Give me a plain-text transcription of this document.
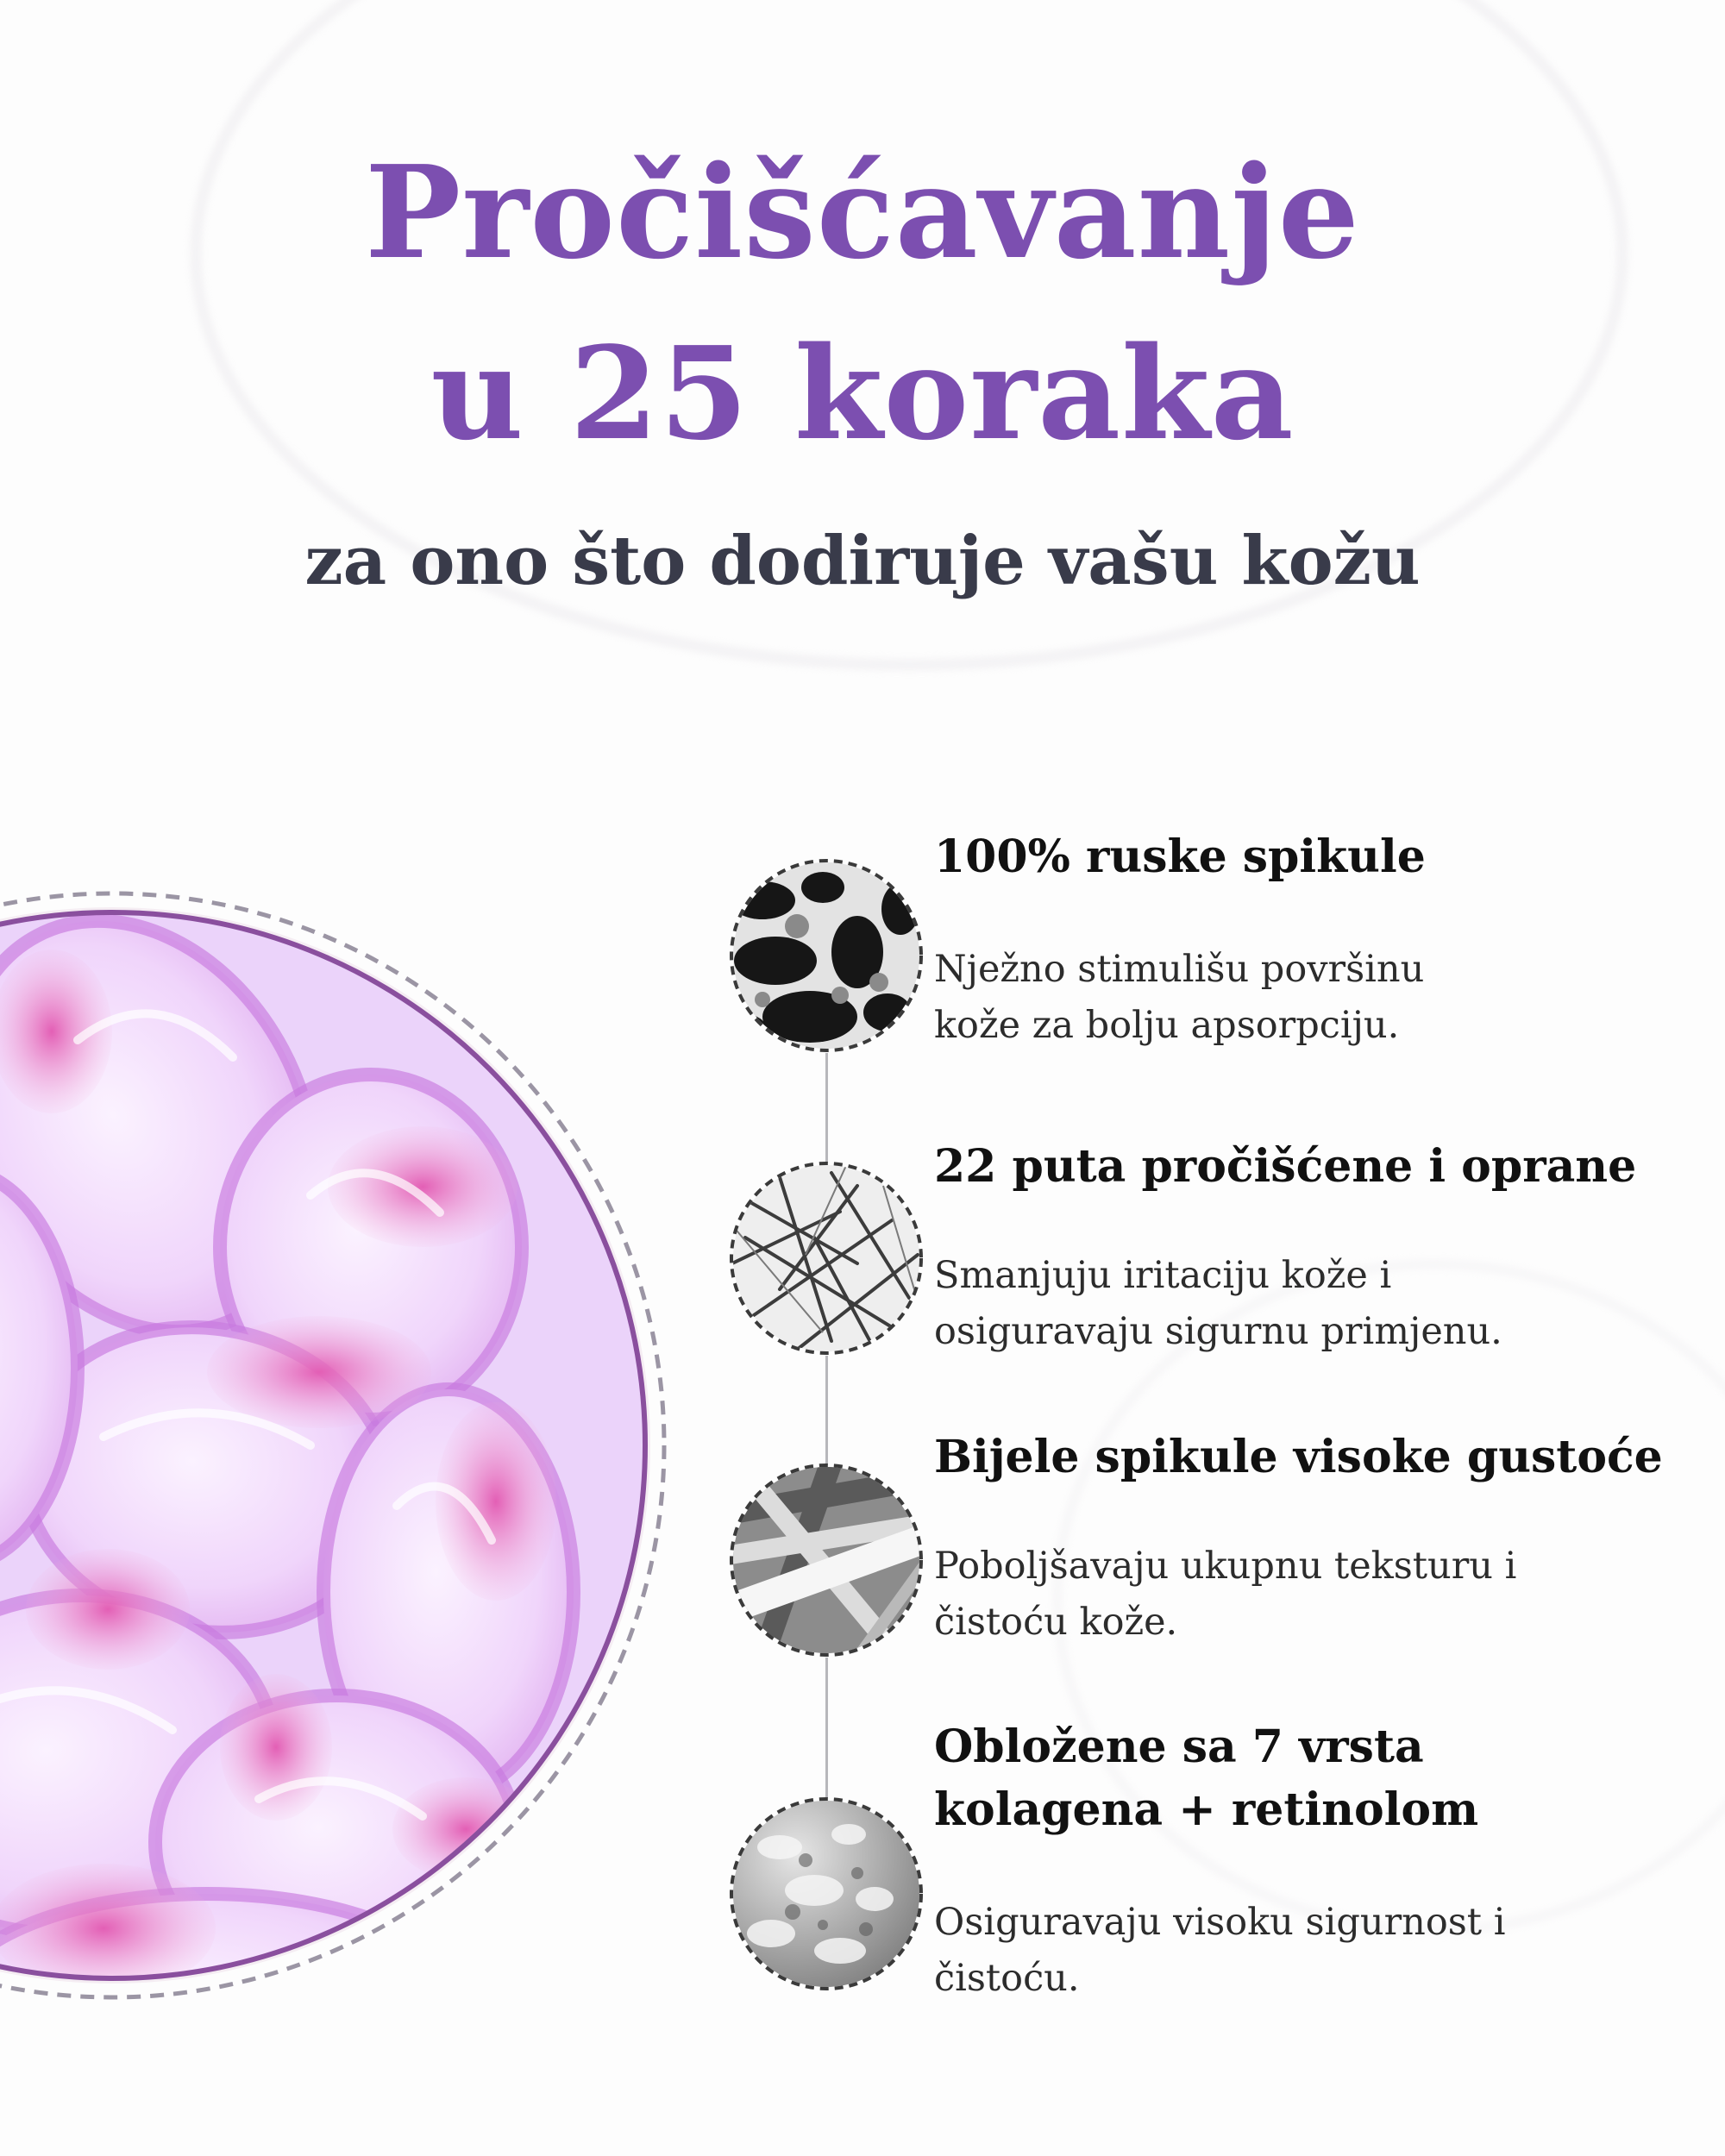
Pročišćavanje
u 25 koraka
za ono što dodiruje vašu kožu
100% ruske spikule
Nježno stimulišu površinu
kože za bolju apsorpciju.
22 puta pročišćene i oprane
Smanjuju iritaciju kože i
osiguravaju sigurnu primjenu.
Bijele spikule visoke gustoće
Poboljšavaju ukupnu teksturu i
čistoću kože.
Obložene sa 7 vrsta
kolagena + retinolom
Osiguravaju visoku sigurnost i
čistoću.
